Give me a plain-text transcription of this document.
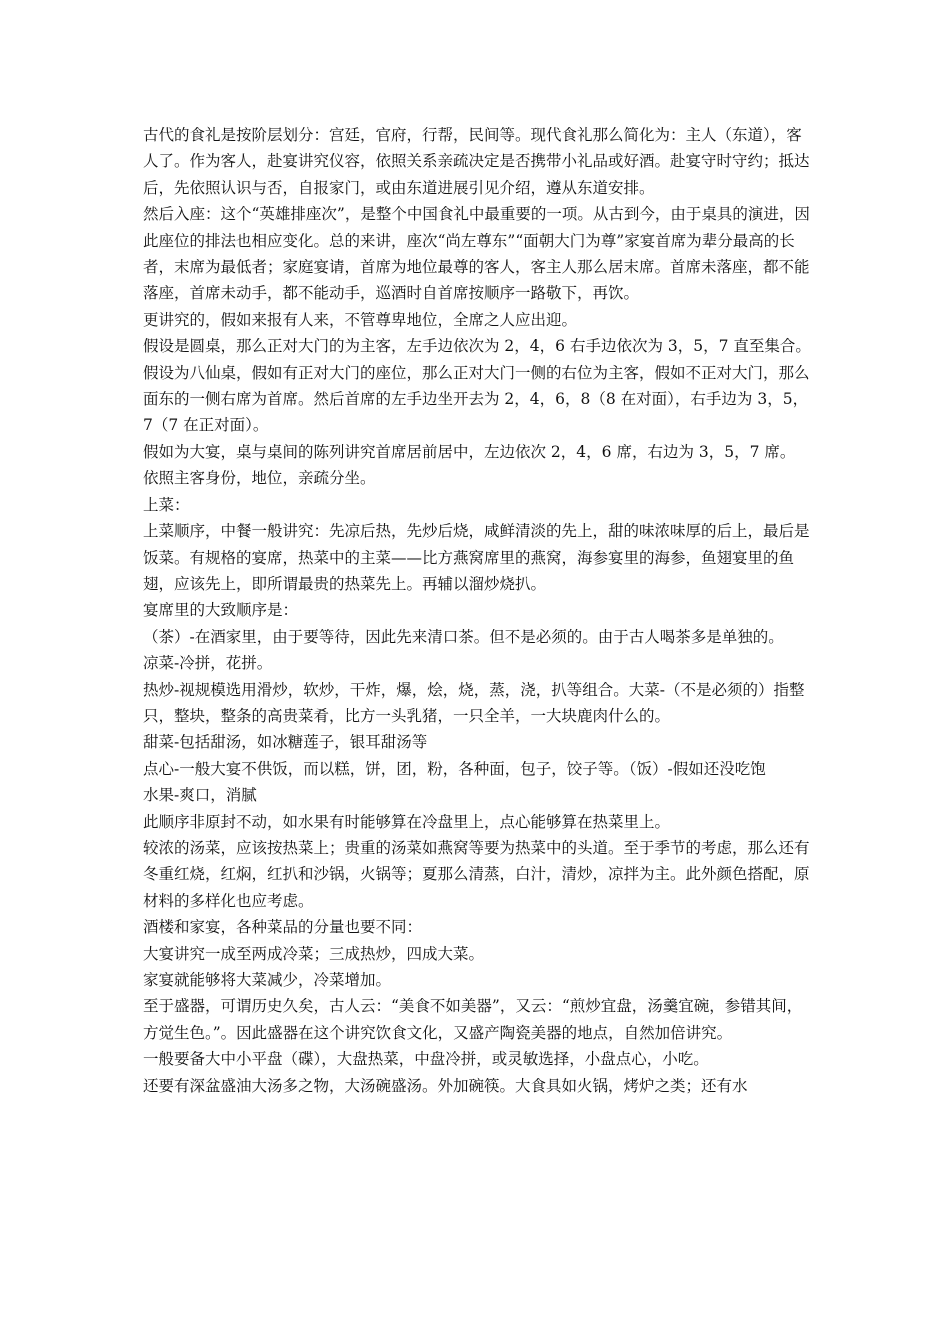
古代的食礼是按阶层划分：宫廷，官府，行帮，民间等。现代食礼那么简化为：主人（东道），客人了。作为客人，赴宴讲究仪容，依照关系亲疏决定是否携带小礼品或好酒。赴宴守时守约；抵达后，先依照认识与否，自报家门，或由东道进展引见介绍，遵从东道安排。

然后入座：这个“英雄排座次”，是整个中国食礼中最重要的一项。从古到今，由于桌具的演进，因此座位的排法也相应变化。总的来讲，座次“尚左尊东”“面朝大门为尊”家宴首席为辈分最高的长者，末席为最低者；家庭宴请，首席为地位最尊的客人，客主人那么居末席。首席未落座，都不能落座，首席未动手，都不能动手，巡酒时自首席按顺序一路敬下，再饮。

更讲究的，假如来报有人来，不管尊卑地位，全席之人应出迎。

假设是圆桌，那么正对大门的为主客，左手边依次为 2，4，6 右手边依次为 3，5，7 直至集合。

假设为八仙桌，假如有正对大门的座位，那么正对大门一侧的右位为主客，假如不正对大门，那么面东的一侧右席为首席。然后首席的左手边坐开去为 2，4，6，8（8 在对面），右手边为 3，5，7（7 在正对面）。

假如为大宴，桌与桌间的陈列讲究首席居前居中，左边依次 2，4，6 席，右边为 3，5，7 席。

依照主客身份，地位，亲疏分坐。

上菜：

上菜顺序，中餐一般讲究：先凉后热，先炒后烧，咸鲜清淡的先上，甜的味浓味厚的后上，最后是饭菜。有规格的宴席，热菜中的主菜——比方燕窝席里的燕窝，海参宴里的海参，鱼翅宴里的鱼翅，应该先上，即所谓最贵的热菜先上。再辅以溜炒烧扒。

宴席里的大致顺序是：

（茶）-在酒家里，由于要等待，因此先来清口茶。但不是必须的。由于古人喝茶多是单独的。

凉菜-冷拼，花拼。

热炒-视规模选用滑炒，软炒，干炸，爆，烩，烧，蒸，浇，扒等组合。大菜-（不是必须的）指整只，整块，整条的高贵菜肴，比方一头乳猪，一只全羊，一大块鹿肉什么的。

甜菜-包括甜汤，如冰糖莲子，银耳甜汤等

点心-一般大宴不供饭，而以糕，饼，团，粉，各种面，包子，饺子等。（饭）-假如还没吃饱

水果-爽口，消腻

此顺序非原封不动，如水果有时能够算在冷盘里上，点心能够算在热菜里上。

较浓的汤菜，应该按热菜上；贵重的汤菜如燕窝等要为热菜中的头道。至于季节的考虑，那么还有冬重红烧，红焖，红扒和沙锅，火锅等；夏那么清蒸，白汁，清炒，凉拌为主。此外颜色搭配，原材料的多样化也应考虑。

酒楼和家宴，各种菜品的分量也要不同：

大宴讲究一成至两成冷菜；三成热炒，四成大菜。

家宴就能够将大菜减少，冷菜增加。

至于盛器，可谓历史久矣，古人云：“美食不如美器”，又云：“煎炒宜盘，汤羹宜碗，参错其间，方觉生色。”。因此盛器在这个讲究饮食文化，又盛产陶瓷美器的地点，自然加倍讲究。

一般要备大中小平盘（碟），大盘热菜，中盘冷拼，或灵敏选择，小盘点心，小吃。

还要有深盆盛油大汤多之物，大汤碗盛汤。外加碗筷。大食具如火锅，烤炉之类；还有水
